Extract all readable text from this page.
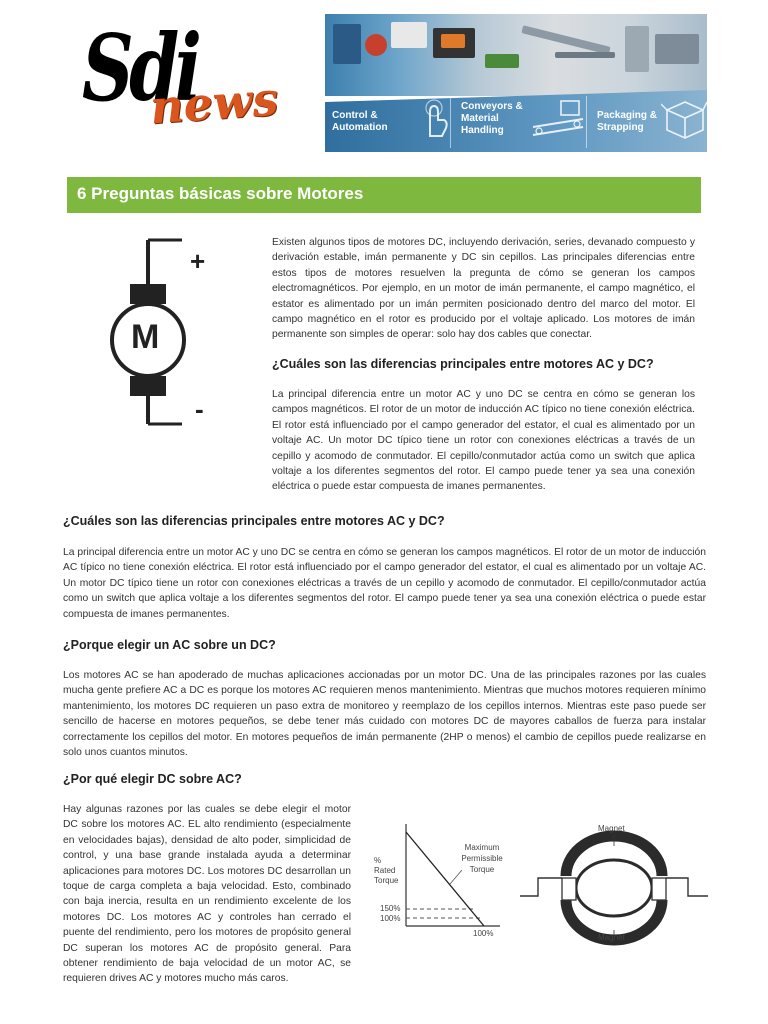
Sdi
news	Control &
Automation
Conveyors &
Material
Handling
Packaging &
Strapping
6 Preguntas básicas sobre Motores
M
+
-
Existen algunos tipos de motores DC, incluyendo derivación, series, devanado compuesto y derivación estable, imán permanente y DC sin cepillos. Las principales diferencias entre estos tipos de motores resuelven la pregunta de cómo se generan los campos electromagnéticos. Por ejemplo, en un motor de imán permanente, el campo magnético, el estator es alimentado por un imán permiten posicionado dentro del marco del motor. El campo magnético en el rotor es producido por el voltaje aplicado. Los motores de imán permanente son simples de operar: solo hay dos cables que conectar.
¿Cuáles son las diferencias principales entre motores AC y DC?
La principal diferencia entre un motor AC y uno DC se centra en cómo se generan los campos magnéticos. El rotor de un motor de inducción AC típico no tiene conexión eléctrica. El rotor está influenciado por el campo generador del estator, el cual es alimentado por un voltaje AC. Un motor DC típico tiene un rotor con conexiones eléctricas a través de un cepillo y acomodo de conmutador. El cepillo/conmutador actúa como un switch que aplica voltaje a los diferentes segmentos del rotor. El campo puede tener ya sea una conexión eléctrica o puede estar compuesta de imanes permanentes.
¿Cuáles son las diferencias principales entre motores AC y DC?
La principal diferencia entre un motor AC y uno DC se centra en cómo se generan los campos magnéticos. El rotor de un motor de inducción AC típico no tiene conexión eléctrica. El rotor está influenciado por el campo generador del estator, el cual es alimentado por un voltaje AC. Un motor DC típico tiene un rotor con conexiones eléctricas a través de un cepillo y acomodo de conmutador. El cepillo/conmutador actúa como un switch que aplica voltaje a los diferentes segmentos del rotor. El campo puede tener ya sea una conexión eléctrica o puede estar compuesta de imanes permanentes.
¿Porque elegir un AC sobre un DC?
Los motores AC se han apoderado de muchas aplicaciones accionadas por un motor DC. Una de las principales razones por las cuales mucha gente prefiere AC a DC es porque los motores AC requieren menos mantenimiento. Mientras que muchos motores requieren mínimo mantenimiento, los motores DC requieren un paso extra de monitoreo y reemplazo de los cepillos internos. Mientras este paso puede ser sencillo de hacerse en motores pequeños, se debe tener más cuidado con motores DC de mayores caballos de fuerza para instalar correctamente los cepillos del motor. En motores pequeños de imán permanente (2HP o menos) el cambio de cepillos puede realizarse en solo unos cuantos minutos.
¿Por qué elegir DC sobre AC?
Hay algunas razones por las cuales se debe elegir el motor DC sobre los motores AC. EL alto rendimiento (especialmente en velocidades bajas), densidad de alto poder, simplicidad de control, y una base grande instalada ayuda a determinar aplicaciones para motores DC. Los motores DC desarrollan un toque de carga completa a baja velocidad. Esto, combinado con baja inercia, resulta en un rendimiento excelente de los motores DC. Los motores AC y controles han cerrado el puente del rendimiento, pero los motores de propósito general DC superan los motores AC de propósito general. Para obtener rendimiento de baja velocidad de un motor AC, se requieren drives AC y motores mucho más caros.
%
Rated
Torque
Maximum
Permissible
Torque
150%
100%
100%
Magnet
Magnet
